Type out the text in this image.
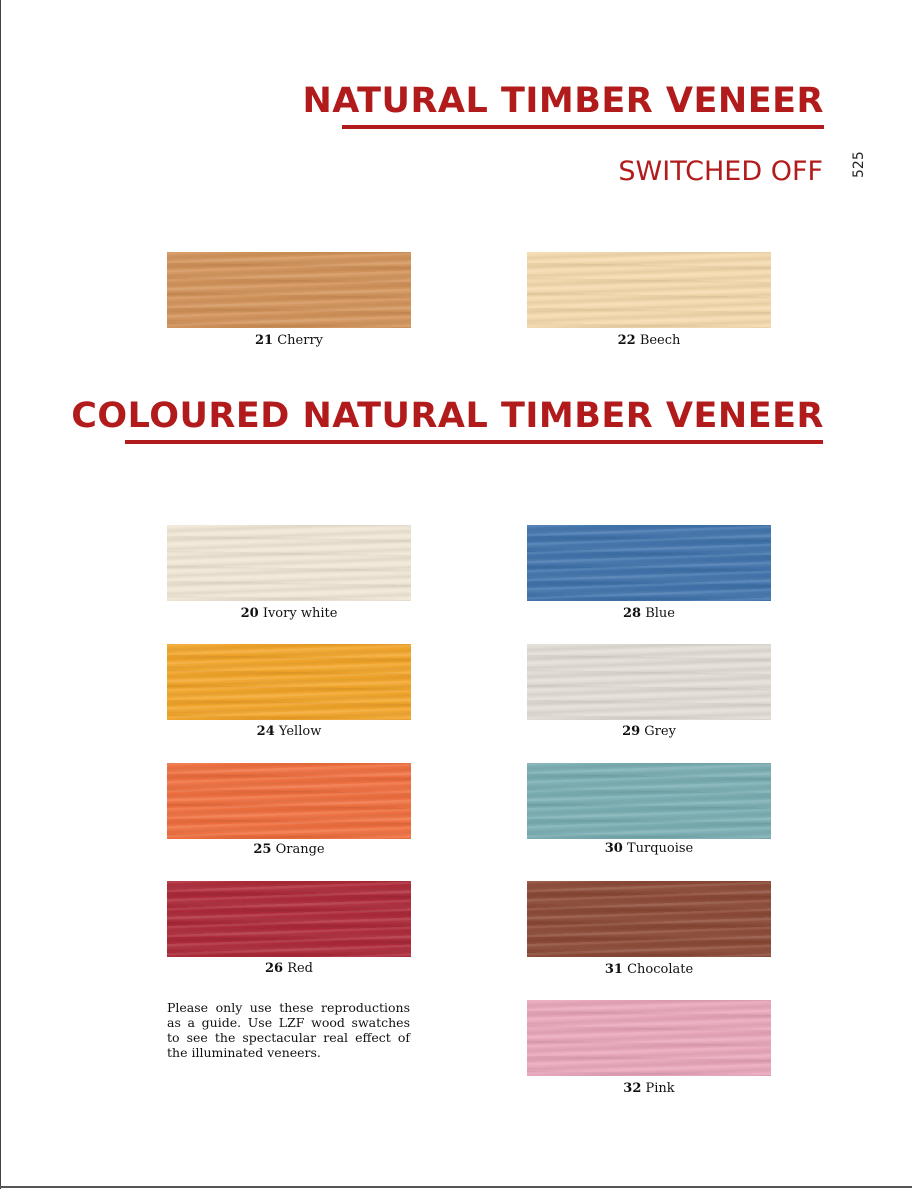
NATURAL TIMBER VENEER
SWITCHED OFF 525
21 Cherry	22 Beech
COLOURED NATURAL TIMBER VENEER
20 Ivory white
24 Yellow
25 Orange
26 Red
28 Blue
29 Grey
30 Turquoise
31 Chocolate
32 Pink

Please only use these reproductions as a guide. Use LZF wood swatches to see the spectacular real effect of the illuminated veneers.
